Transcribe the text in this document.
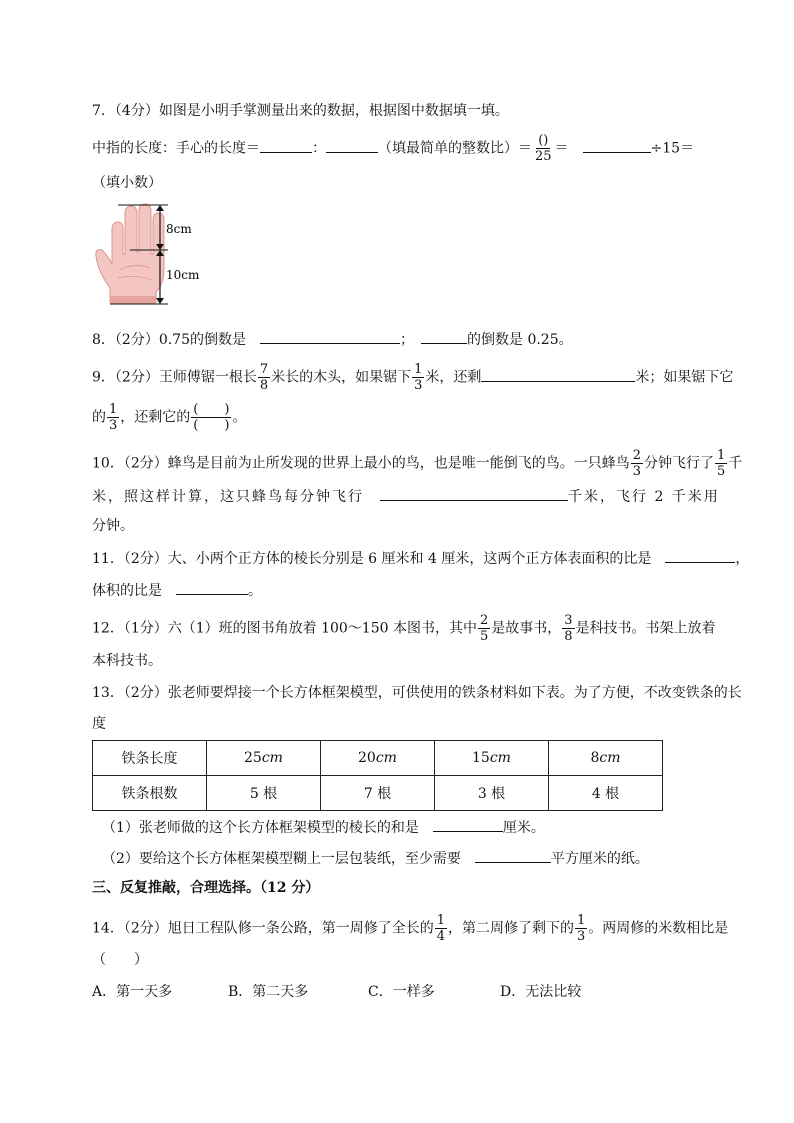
7．（4分）如图是小明手掌测量出来的数据，根据图中数据填一填。
中指的长度：手心的长度＝	：	（填最简单的整数比）＝ $\frac{()}{25}$ ＝　	÷15＝
（填小数）
8cm
10cm
8．（2分）0.75的倒数是　	；　	的倒数是 0.25。
9．（2分）王师傅锯一根长 $\frac{7}{8}$ 米长的木头，如果锯下 $\frac{1}{3}$ 米，还剩	米；如果锯下它
的 $\frac{1}{3}$ ，还剩它的 $\frac{( )}{( )}$ 。
10．（2分）蜂鸟是目前为止所发现的世界上最小的鸟，也是唯一能倒飞的鸟。一只蜂鸟 $\frac{2}{3}$ 分钟飞行了 $\frac{1}{5}$ 千
米，照这样计算，这只蜂鸟每分钟飞行　	千米，飞行 2 千米用
分钟。
11．（2分）大、小两个正方体的棱长分别是 6 厘米和 4 厘米，这两个正方体表面积的比是　	，
体积的比是　	。
12．（1分）六（1）班的图书角放着 100～150 本图书，其中 $\frac{2}{5}$ 是故事书， $\frac{3}{8}$ 是科技书。书架上放着
本科技书。
13．（2分）张老师要焊接一个长方体框架模型，可供使用的铁条材料如下表。为了方便，不改变铁条的长
度
铁条长度	25cm	20cm	15cm	8cm
铁条根数	5 根	7 根	3 根	4 根
（1）张老师做的这个长方体框架模型的棱长的和是　	厘米。
（2）要给这个长方体框架模型糊上一层包装纸，至少需要　	平方厘米的纸。
三、反复推敲，合理选择。（12 分）
14．（2分）旭日工程队修一条公路，第一周修了全长的 $\frac{1}{4}$ ，第二周修了剩下的 $\frac{1}{3}$ 。两周修的米数相比是
（　　）
A．第一天多	B．第二天多	C．一样多	D．无法比较
